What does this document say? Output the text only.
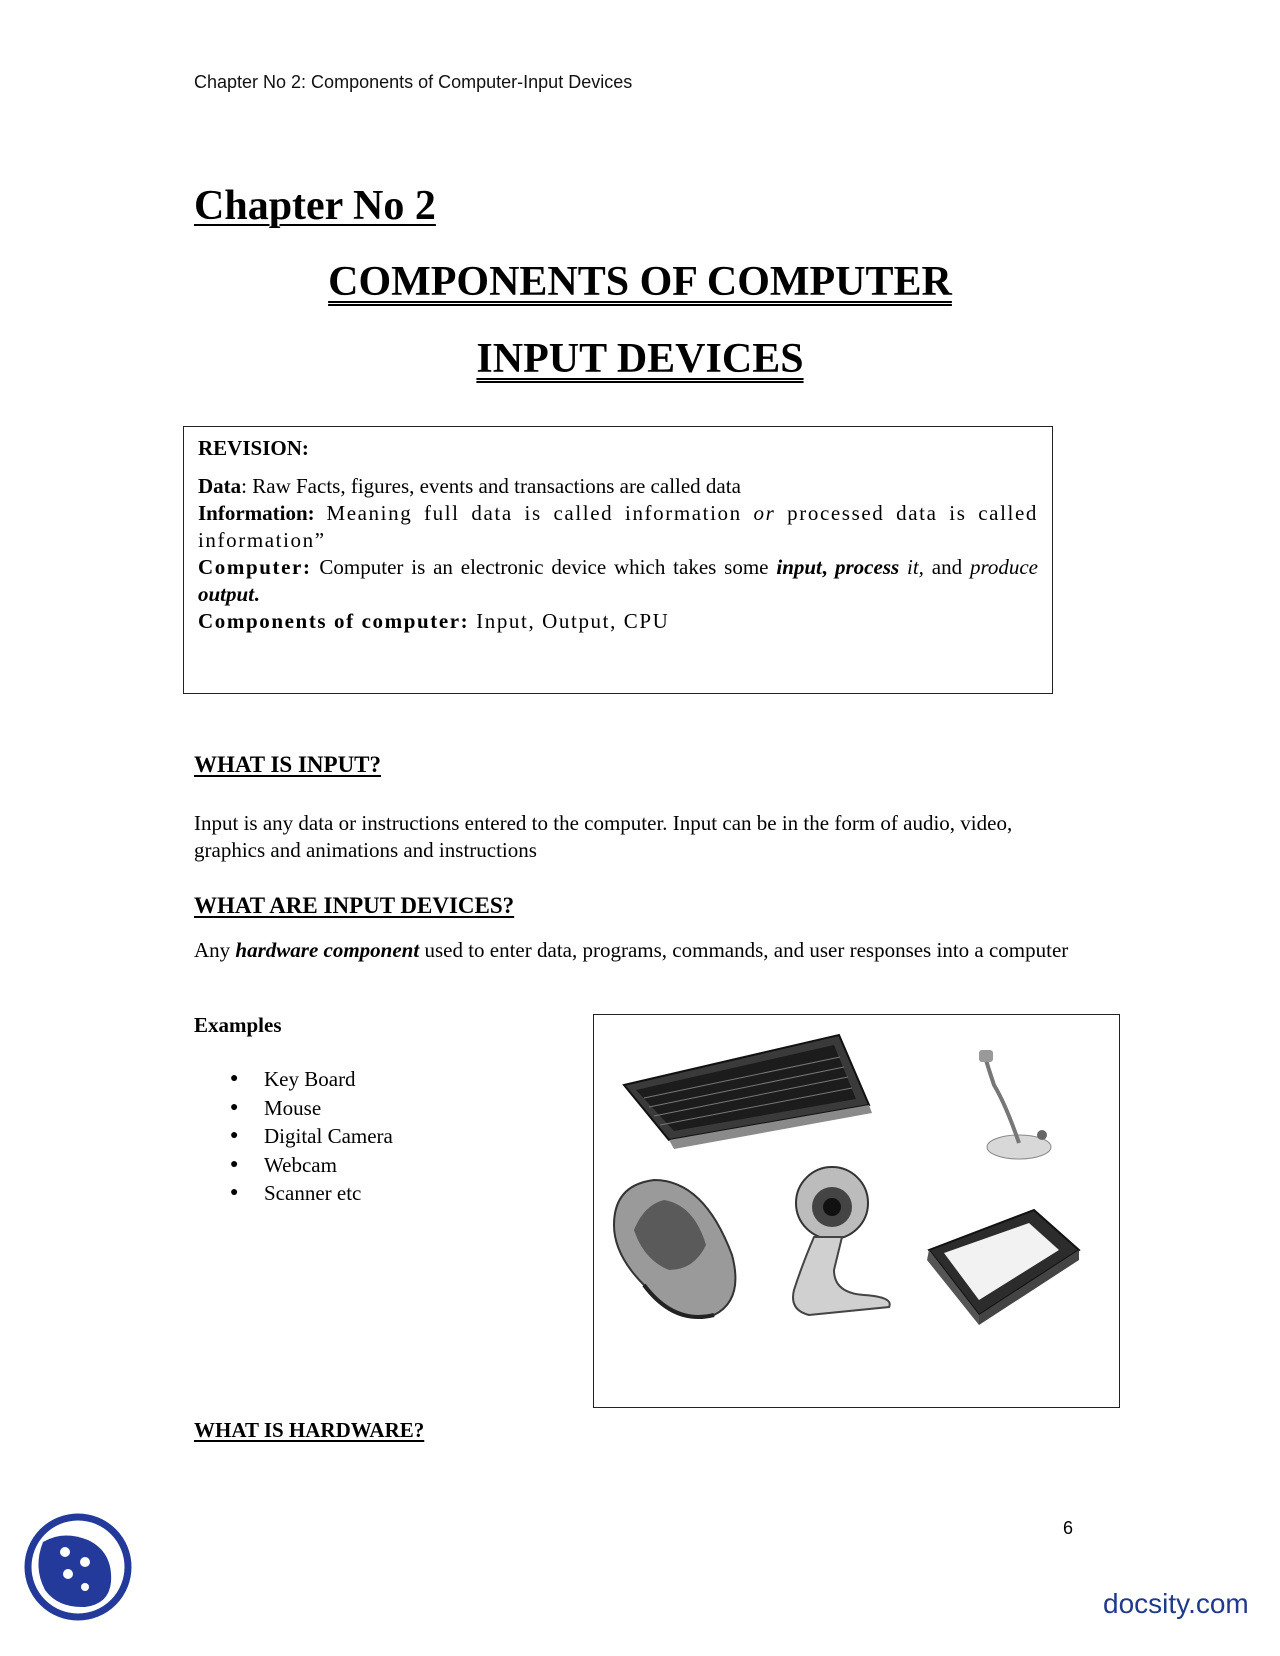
Chapter No 2: Components of Computer-Input Devices
Chapter No 2
COMPONENTS OF COMPUTER
INPUT DEVICES
REVISION:
Data: Raw Facts, figures, events and transactions are called data
Information: Meaning full data is called information or processed data is called information”
Computer: Computer is an electronic device which takes some input, process it, and produce output.
Components of computer: Input, Output, CPU
WHAT IS INPUT?
Input is any data or instructions entered to the computer. Input can be in the form of audio, video, graphics and animations and instructions
WHAT ARE INPUT DEVICES?
Any hardware component used to enter data, programs, commands, and user responses into a computer
Examples
●	Key Board
●	Mouse
●	Digital Camera
●	Webcam
●	Scanner etc
WHAT IS HARDWARE?
6
docsity.com
